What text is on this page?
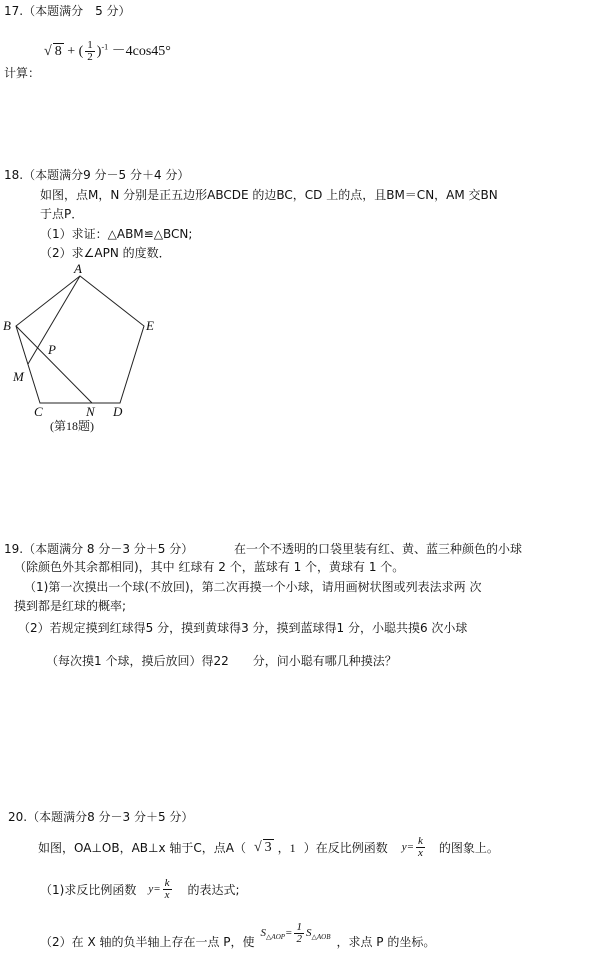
17.（本题满分　5 分）
√ 8 + ( $\frac{1}{2} )^{-1} -4\cos 45^\circ$
计算：
18.（本题满分9 分－5 分＋4 分）
如图，点M，N 分别是正五边形ABCDE 的边BC，CD 上的点，且BM＝CN，AM 交BN
于点P．
（1）求证：△ABM≌△BCN;
（2）求∠APN 的度数．
A
B	E
P
M
C	N D
(第18题)
19.（本题满分 8 分－3 分＋5 分）	在一个不透明的口袋里装有红、黄、蓝三种颜色的小球
（除颜色外其余都相同)，其中 红球有 2 个，蓝球有 1 个，黄球有 1 个。
（1)第一次摸出一个球(不放回)，第二次再摸一个小球，请用画树状图或列表法求两 次
摸到都是红球的概率;
（2）若规定摸到红球得5 分，摸到黄球得3 分，摸到蓝球得1 分，小聪共摸6 次小球
（每次摸1 个球，摸后放回）得22　　分，问小聪有哪几种摸法？
20.（本题满分8 分－3 分＋5 分）
如图，OA⊥OB，AB⊥x 轴于C，点A（ √ 3 ，1 ）在反比例函数 $y= \frac{k}{x}$ 的图象上。
（1)求反比例函数 $y= \frac{k}{x}$ 的表达式;
（2）在 X 轴的负半轴上存在一点 P，使
$S_{\triangle AOP}= \frac{1}{2} S_{\triangle AOB}$ ，求点 P 的坐标。
